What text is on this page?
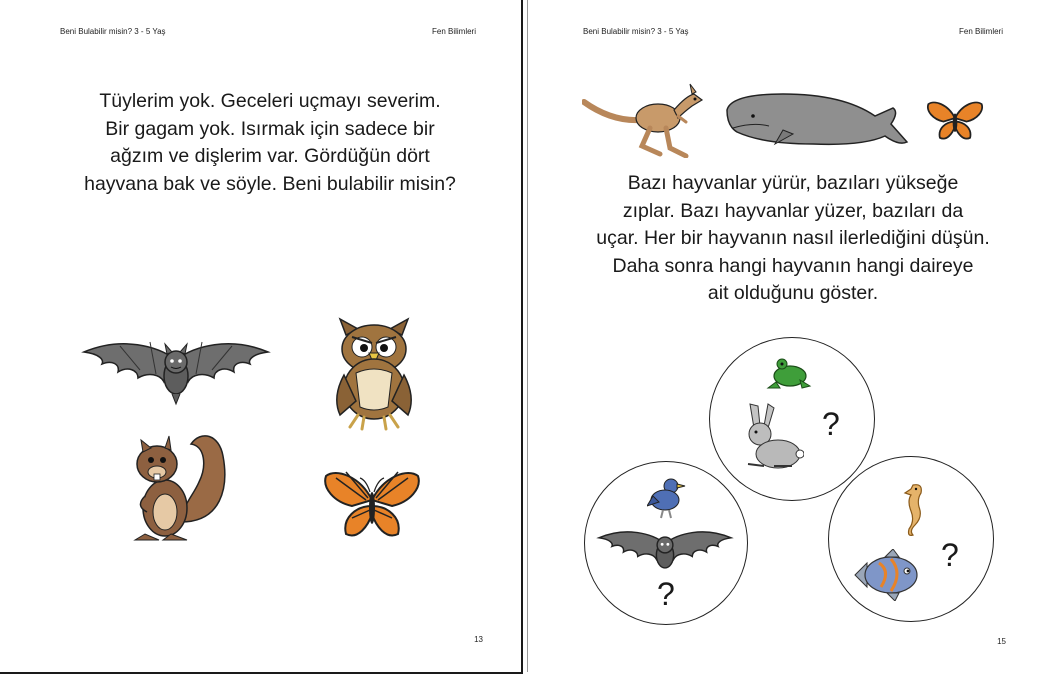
Beni Bulabilir misin? 3 - 5 Yaş	Fen Bilimleri
Tüylerim yok. Geceleri uçmayı severim.
Bir gagam yok. Isırmak için sadece bir
ağzım ve dişlerim var. Gördüğün dört
hayvana bak ve söyle. Beni bulabilir misin?
13
Beni Bulabilir misin? 3 - 5 Yaş	Fen Bilimleri
Bazı hayvanlar yürür, bazıları yükseğe
zıplar. Bazı hayvanlar yüzer, bazıları da
uçar. Her bir hayvanın nasıl ilerlediğini düşün.
Daha sonra hangi hayvanın hangi daireye
ait olduğunu göster.
?
?
?
15
